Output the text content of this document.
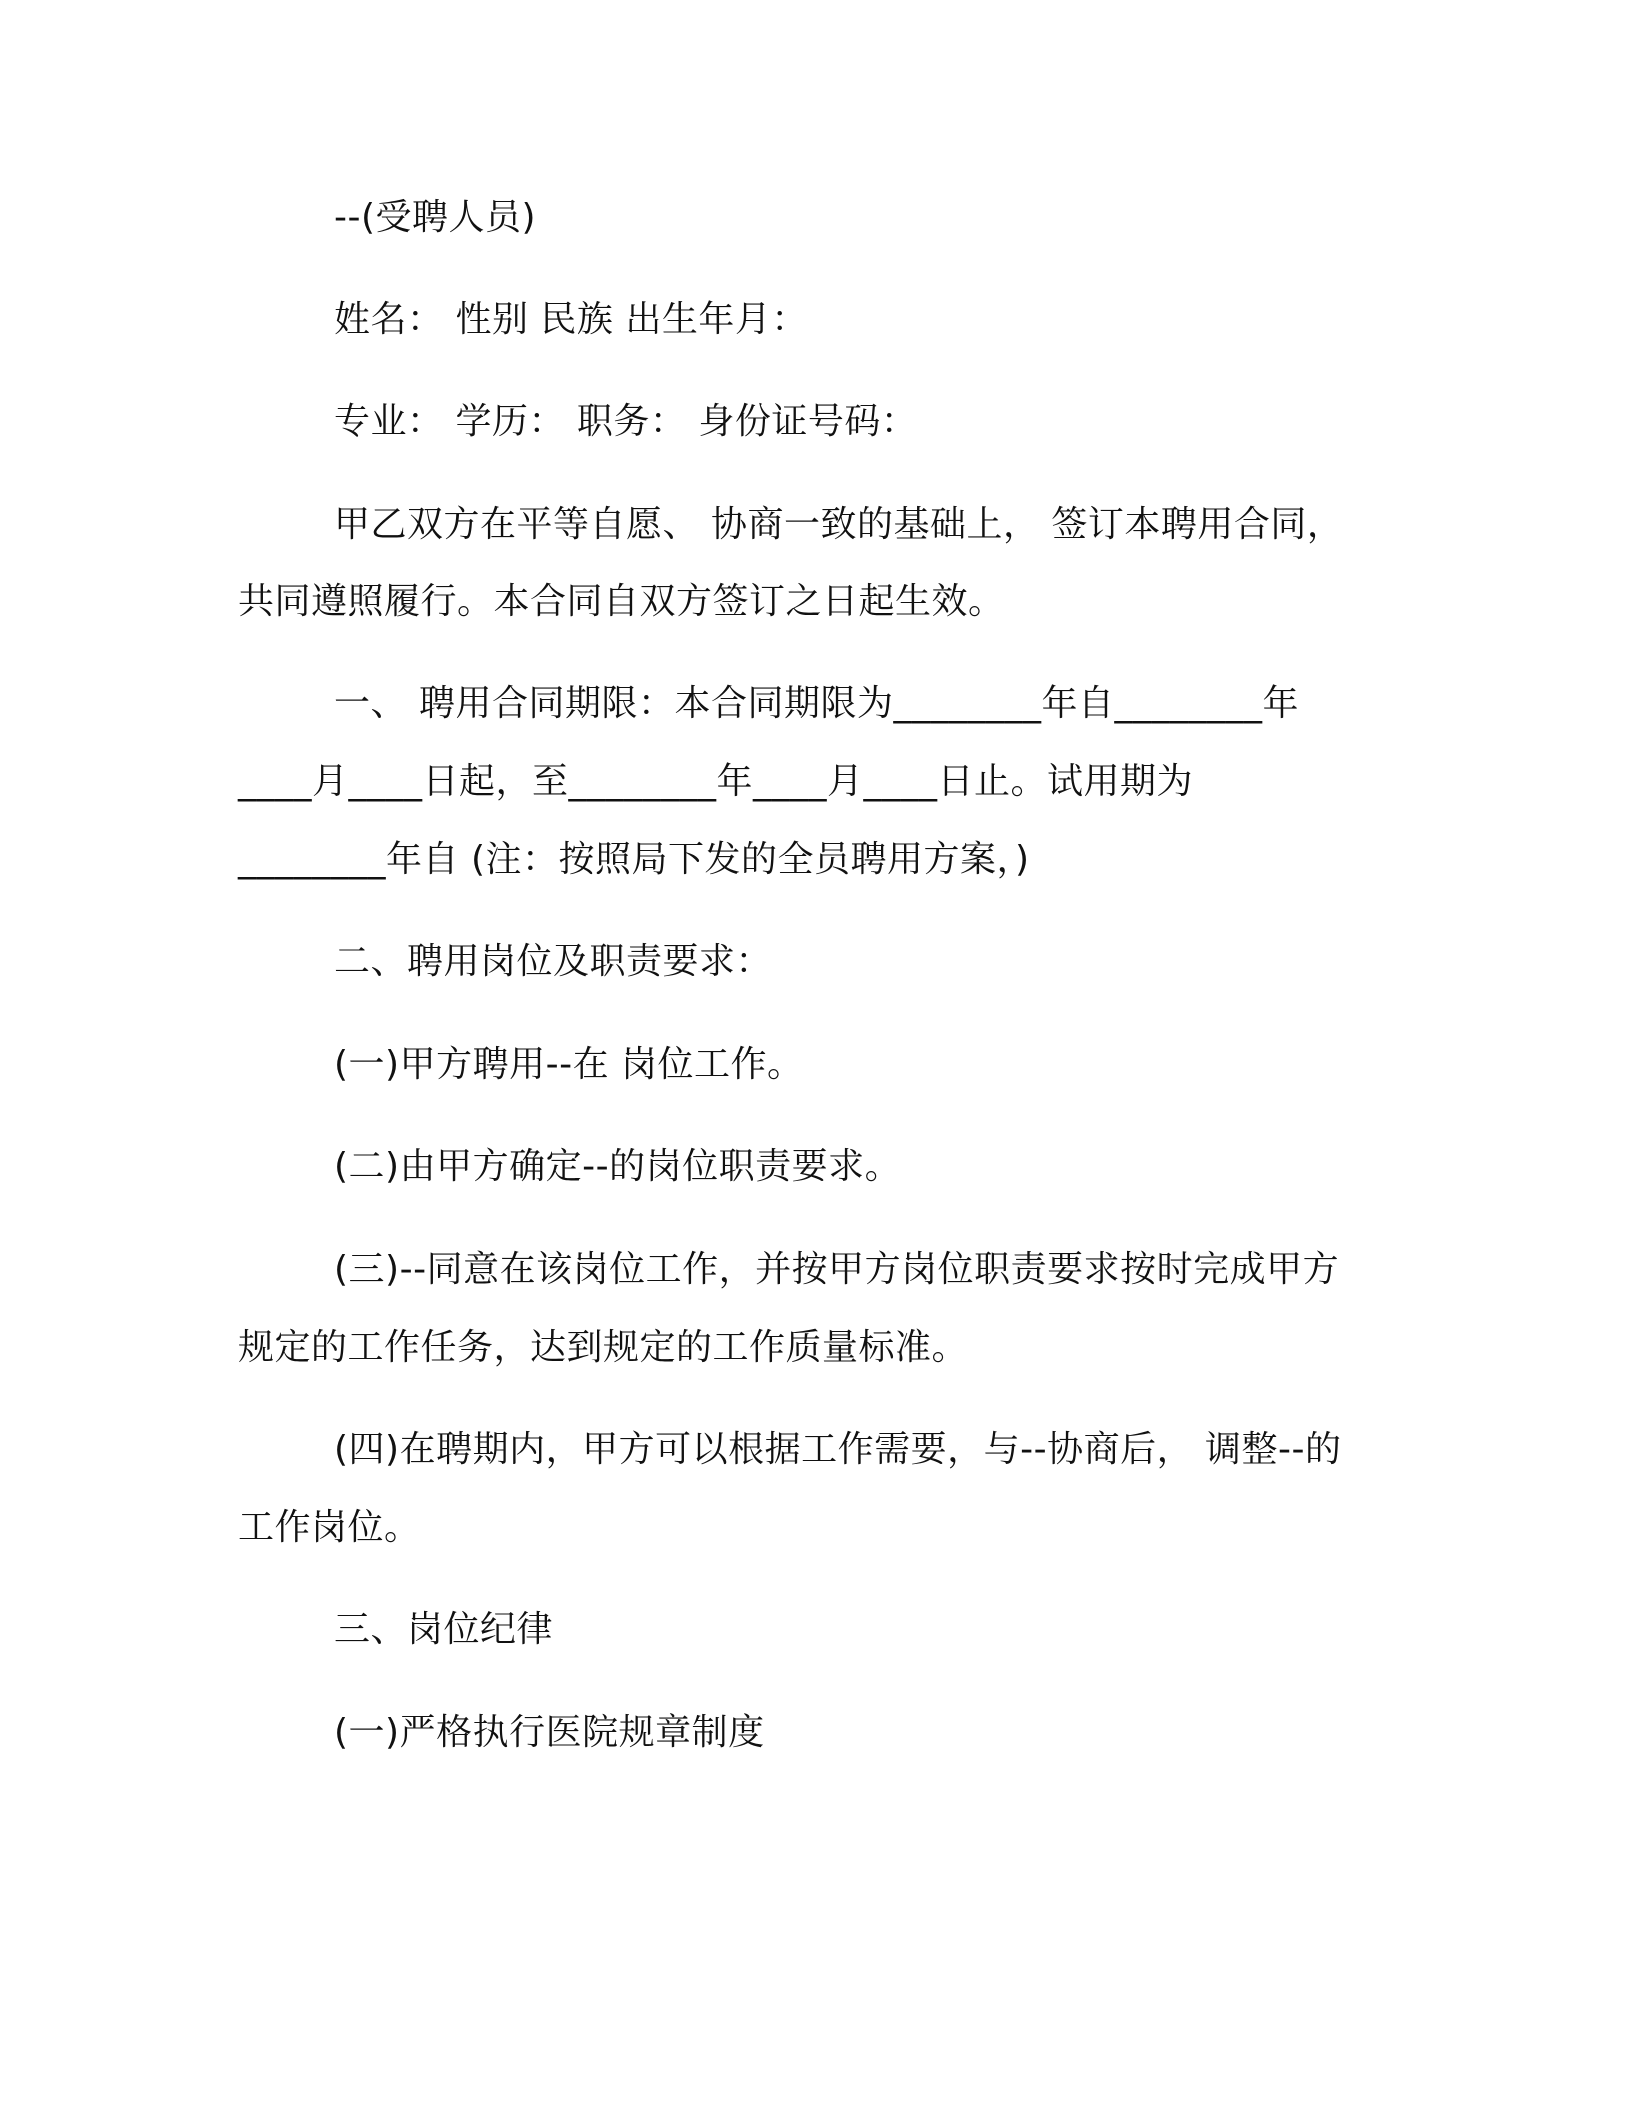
--(受聘人员)
姓名： 性别 民族 出生年月：
专业： 学历： 职务： 身份证号码：
甲乙双方在平等自愿、 协商一致的基础上， 签订本聘用合同，
共同遵照履行。本合同自双方签订之日起生效。
一、 聘用合同期限：本合同期限为________年自________年
____月____日起，至________年____月____日止。试用期为
________年自 (注：按照局下发的全员聘用方案，)
二、聘用岗位及职责要求：
(一)甲方聘用--在 岗位工作。
(二)由甲方确定--的岗位职责要求。
(三)--同意在该岗位工作，并按甲方岗位职责要求按时完成甲方
规定的工作任务，达到规定的工作质量标准。
(四)在聘期内，甲方可以根据工作需要，与--协商后， 调整--的
工作岗位。
三、岗位纪律
(一)严格执行医院规章制度
